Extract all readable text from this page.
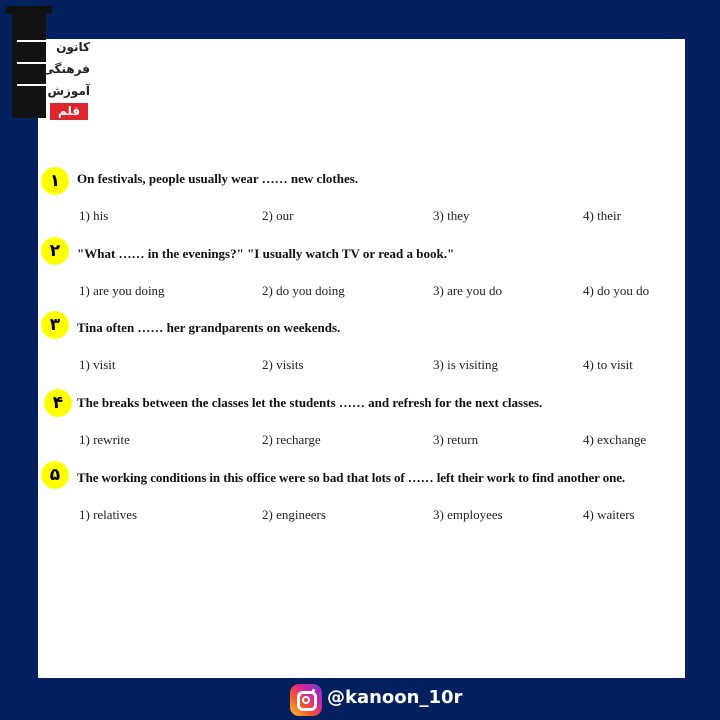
کانون
فرهنگی
آموزش
قلم چی
۱	On festivals, people usually wear …… new clothes.
1) his	2) our	3) they	4) their
۲	"What …… in the evenings?" "I usually watch TV or read a book."
1) are you doing	2) do you doing	3) are you do	4) do you do
۳	Tina often …… her grandparents on weekends.
1) visit	2) visits	3) is visiting	4) to visit
۴	The breaks between the classes let the students …… and refresh for the next classes.
1) rewrite	2) recharge	3) return	4) exchange
۵	The working conditions in this office were so bad that lots of …… left their work to find another one.
1) relatives	2) engineers	3) employees	4) waiters
@kanoon_10r
